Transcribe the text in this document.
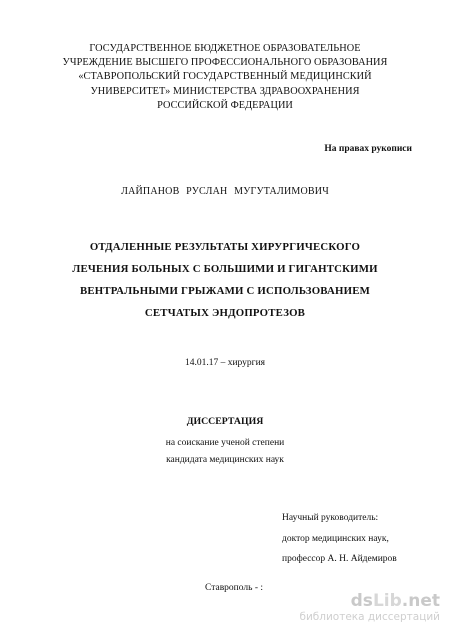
ГОСУДАРСТВЕННОЕ БЮДЖЕТНОЕ ОБРАЗОВАТЕЛЬНОЕ
УЧРЕЖДЕНИЕ ВЫСШЕГО ПРОФЕССИОНАЛЬНОГО ОБРАЗОВАНИЯ
«СТАВРОПОЛЬСКИЙ ГОСУДАРСТВЕННЫЙ МЕДИЦИНСКИЙ
УНИВЕРСИТЕТ» МИНИСТЕРСТВА ЗДРАВООХРАНЕНИЯ
РОССИЙСКОЙ ФЕДЕРАЦИИ
На правах рукописи
ЛАЙПАНОВ РУСЛАН МУГУТАЛИМОВИЧ
ОТДАЛЕННЫЕ РЕЗУЛЬТАТЫ ХИРУРГИЧЕСКОГО
ЛЕЧЕНИЯ БОЛЬНЫХ С БОЛЬШИМИ И ГИГАНТСКИМИ
ВЕНТРАЛЬНЫМИ ГРЫЖАМИ С ИСПОЛЬЗОВАНИЕМ
СЕТЧАТЫХ ЭНДОПРОТЕЗОВ
14.01.17 – хирургия
ДИССЕРТАЦИЯ
на соискание ученой степени
кандидата медицинских наук
Научный руководитель:
доктор медицинских наук,
профессор А. Н. Айдемиров
Ставрополь - :
dsLib.net
библиотека диссертаций
